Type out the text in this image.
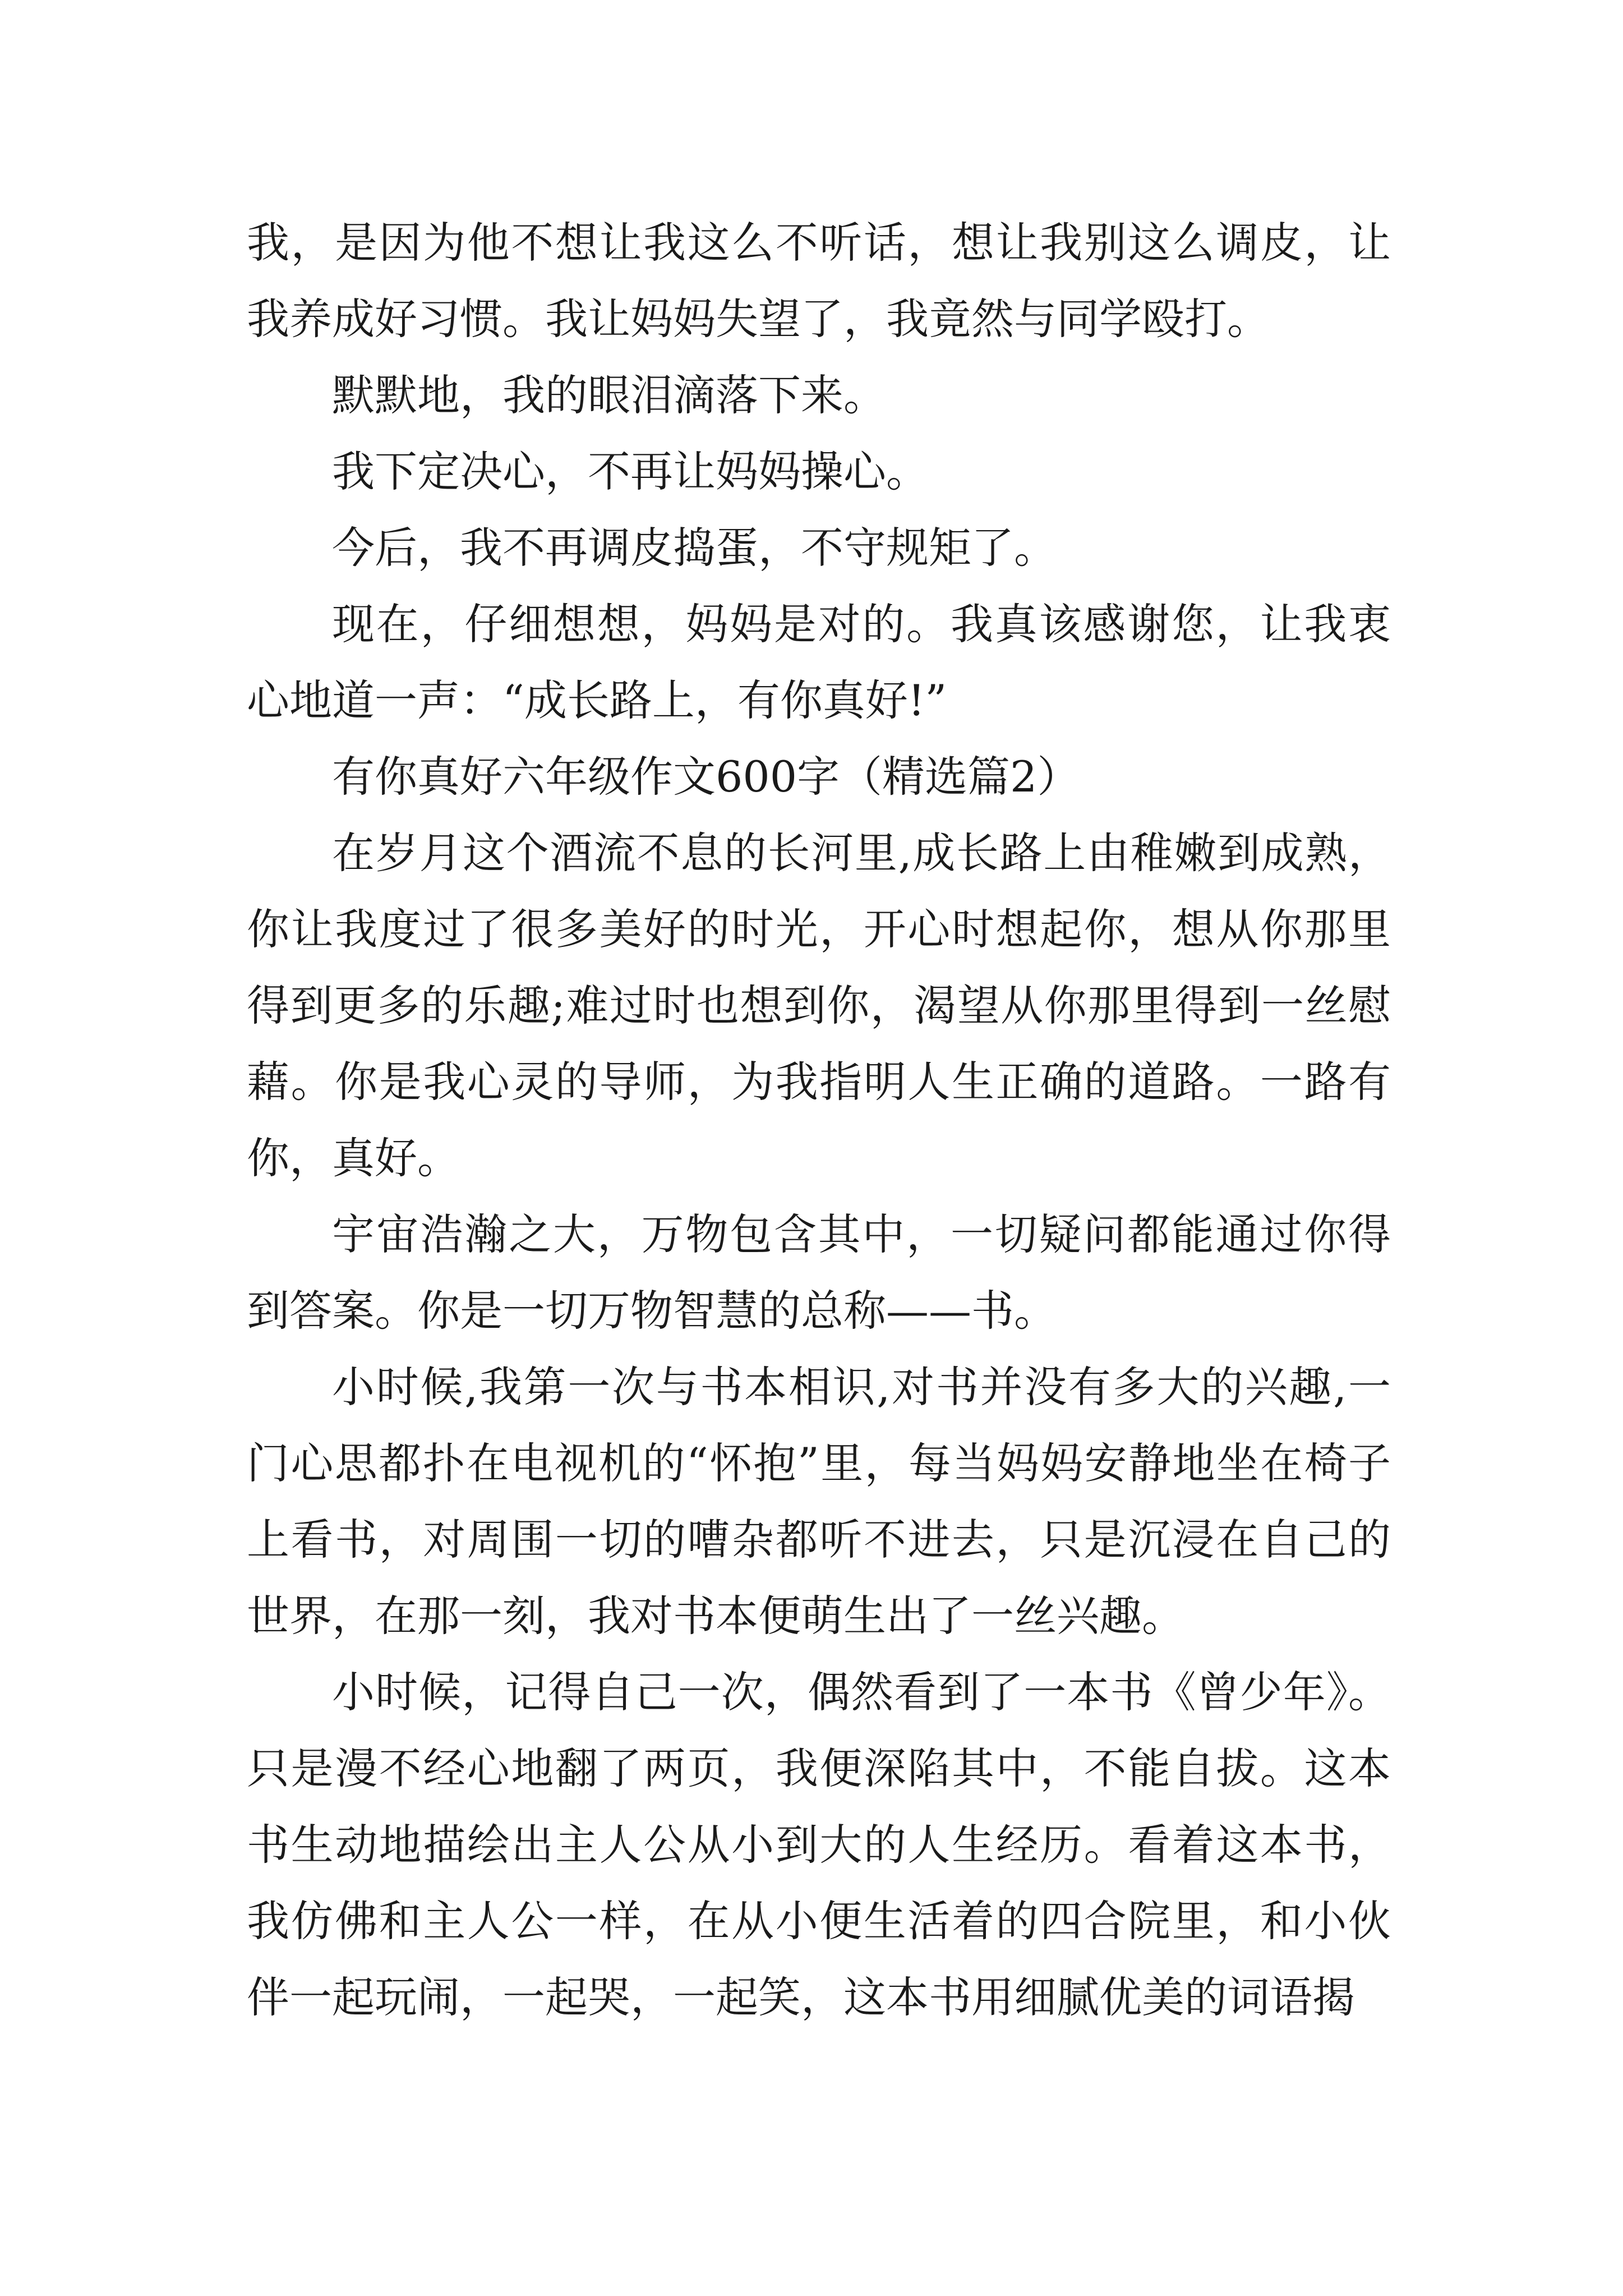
我，是因为他不想让我这么不听话，想让我别这么调皮，让我养成好习惯。我让妈妈失望了，我竟然与同学殴打。

默默地，我的眼泪滴落下来。

我下定决心，不再让妈妈操心。

今后，我不再调皮捣蛋，不守规矩了。

现在，仔细想想，妈妈是对的。我真该感谢您，让我衷心地道一声：“成长路上，有你真好!”

有你真好六年级作文600字（精选篇2）

在岁月这个酒流不息的长河里,成长路上由稚嫩到成熟，你让我度过了很多美好的时光，开心时想起你，想从你那里得到更多的乐趣;难过时也想到你，渴望从你那里得到一丝慰藉。你是我心灵的导师，为我指明人生正确的道路。一路有你，真好。

宇宙浩瀚之大，万物包含其中，一切疑问都能通过你得到答案。你是一切万物智慧的总称——书。

小时候,我第一次与书本相识,对书并没有多大的兴趣,一门心思都扑在电视机的“怀抱”里，每当妈妈安静地坐在椅子上看书，对周围一切的嘈杂都听不进去，只是沉浸在自己的世界，在那一刻，我对书本便萌生出了一丝兴趣。

小时候，记得自己一次，偶然看到了一本书《曾少年》。只是漫不经心地翻了两页，我便深陷其中，不能自拔。这本书生动地描绘出主人公从小到大的人生经历。看着这本书，我仿佛和主人公一样，在从小便生活着的四合院里，和小伙伴一起玩闹，一起哭，一起笑，这本书用细腻优美的词语揭
